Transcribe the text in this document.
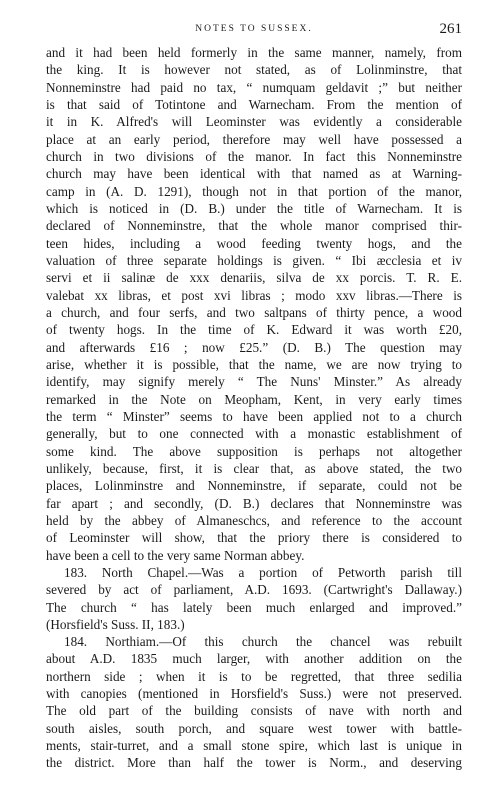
NOTES TO SUSSEX.	261
and it had been held formerly in the same manner, namely, from
the king. It is however not stated, as of Lolinminstre, that
Nonneminstre had paid no tax, “ numquam geldavit ;” but neither
is that said of Totintone and Warnecham. From the mention of
it in K. Alfred's will Leominster was evidently a considerable
place at an early period, therefore may well have possessed a
church in two divisions of the manor. In fact this Nonneminstre
church may have been identical with that named as at Warning-
camp in (A. D. 1291), though not in that portion of the manor,
which is noticed in (D. B.) under the title of Warnecham. It is
declared of Nonneminstre, that the whole manor comprised thir-
teen hides, including a wood feeding twenty hogs, and the
valuation of three separate holdings is given. “ Ibi æcclesia et iv
servi et ii salinæ de xxx denariis, silva de xx porcis. T. R. E.
valebat xx libras, et post xvi libras ; modo xxv libras.—There is
a church, and four serfs, and two saltpans of thirty pence, a wood
of twenty hogs. In the time of K. Edward it was worth £20,
and afterwards £16 ; now £25.” (D. B.) The question may
arise, whether it is possible, that the name, we are now trying to
identify, may signify merely “ The Nuns' Minster.” As already
remarked in the Note on Meopham, Kent, in very early times
the term “ Minster” seems to have been applied not to a church
generally, but to one connected with a monastic establishment of
some kind. The above supposition is perhaps not altogether
unlikely, because, first, it is clear that, as above stated, the two
places, Lolinminstre and Nonneminstre, if separate, could not be
far apart ; and secondly, (D. B.) declares that Nonneminstre was
held by the abbey of Almaneschcs, and reference to the account
of Leominster will show, that the priory there is considered to
have been a cell to the very same Norman abbey.
183. North Chapel.—Was a portion of Petworth parish till
severed by act of parliament, A.D. 1693. (Cartwright's Dallaway.)
The church “ has lately been much enlarged and improved.”
(Horsfield's Suss. II, 183.)
184. Northiam.—Of this church the chancel was rebuilt
about A.D. 1835 much larger, with another addition on the
northern side ; when it is to be regretted, that three sedilia
with canopies (mentioned in Horsfield's Suss.) were not preserved.
The old part of the building consists of nave with north and
south aisles, south porch, and square west tower with battle-
ments, stair-turret, and a small stone spire, which last is unique in
the district. More than half the tower is Norm., and deserving
